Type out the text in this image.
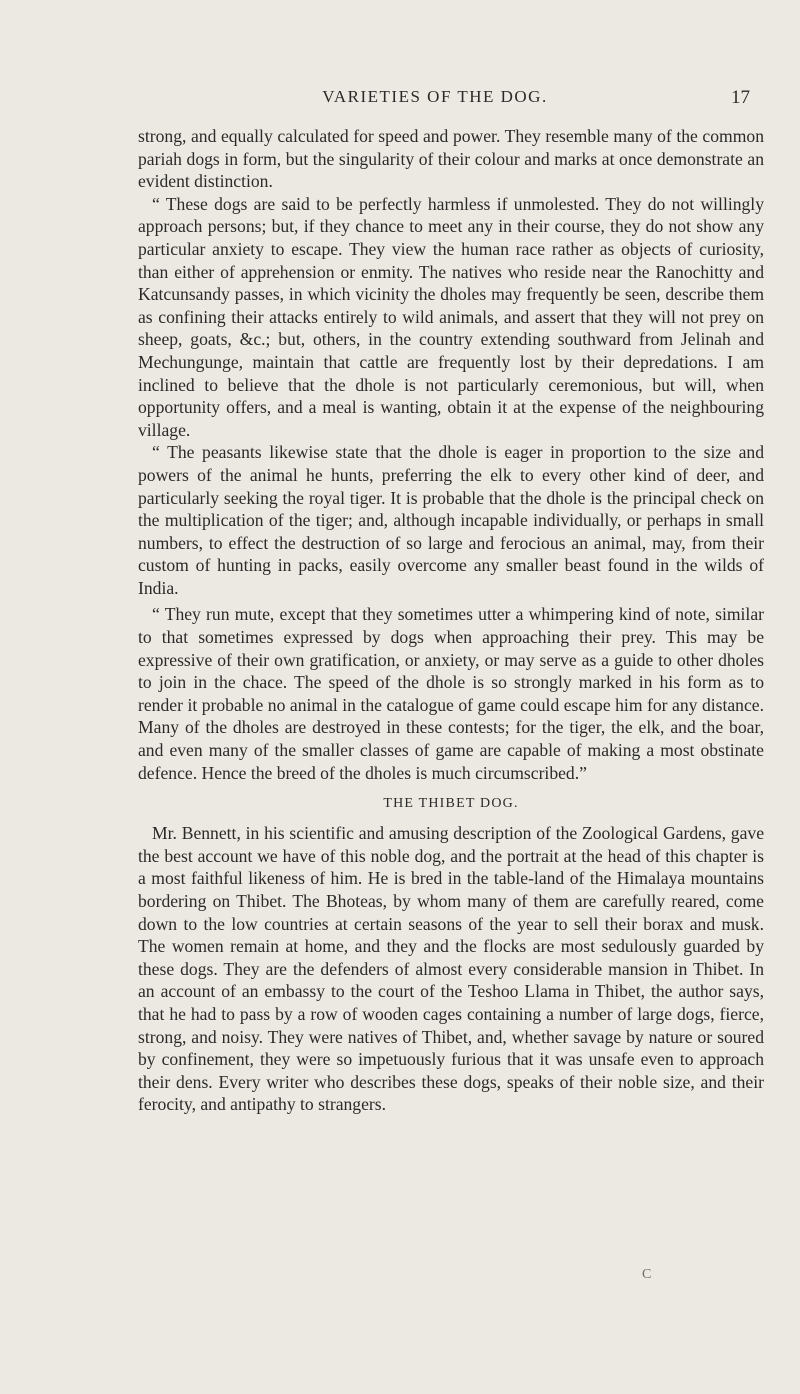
VARIETIES OF THE DOG.	17

strong, and equally calculated for speed and power. They resemble many of the common pariah dogs in form, but the singularity of their colour and marks at once demonstrate an evident distinction.

“ These dogs are said to be perfectly harmless if unmolested. They do not willingly approach persons; but, if they chance to meet any in their course, they do not show any particular anxiety to escape. They view the human race rather as objects of curiosity, than either of apprehension or enmity. The natives who reside near the Ranochitty and Katcunsandy passes, in which vicinity the dholes may frequently be seen, describe them as confining their attacks entirely to wild animals, and assert that they will not prey on sheep, goats, &c.; but, others, in the country extending southward from Jelinah and Mechungunge, maintain that cattle are frequently lost by their depredations. I am inclined to believe that the dhole is not particularly ceremonious, but will, when opportunity offers, and a meal is wanting, obtain it at the expense of the neighbouring village.

“ The peasants likewise state that the dhole is eager in proportion to the size and powers of the animal he hunts, preferring the elk to every other kind of deer, and particularly seeking the royal tiger. It is probable that the dhole is the principal check on the multiplication of the tiger; and, although incapable individually, or perhaps in small numbers, to effect the destruction of so large and ferocious an animal, may, from their custom of hunting in packs, easily overcome any smaller beast found in the wilds of India.

“ They run mute, except that they sometimes utter a whimpering kind of note, similar to that sometimes expressed by dogs when approaching their prey. This may be expressive of their own gratification, or anxiety, or may serve as a guide to other dholes to join in the chace. The speed of the dhole is so strongly marked in his form as to render it probable no animal in the catalogue of game could escape him for any distance. Many of the dholes are destroyed in these contests; for the tiger, the elk, and the boar, and even many of the smaller classes of game are capable of making a most obstinate defence. Hence the breed of the dholes is much circumscribed.”

THE THIBET DOG.

Mr. Bennett, in his scientific and amusing description of the Zoological Gardens, gave the best account we have of this noble dog, and the portrait at the head of this chapter is a most faithful likeness of him. He is bred in the table-land of the Himalaya mountains bordering on Thibet. The Bhoteas, by whom many of them are carefully reared, come down to the low countries at certain seasons of the year to sell their borax and musk. The women remain at home, and they and the flocks are most sedulously guarded by these dogs. They are the defenders of almost every considerable mansion in Thibet. In an account of an embassy to the court of the Teshoo Llama in Thibet, the author says, that he had to pass by a row of wooden cages containing a number of large dogs, fierce, strong, and noisy. They were natives of Thibet, and, whether savage by nature or soured by confinement, they were so impetuously furious that it was unsafe even to approach their dens. Every writer who describes these dogs, speaks of their noble size, and their ferocity, and antipathy to strangers.

C
